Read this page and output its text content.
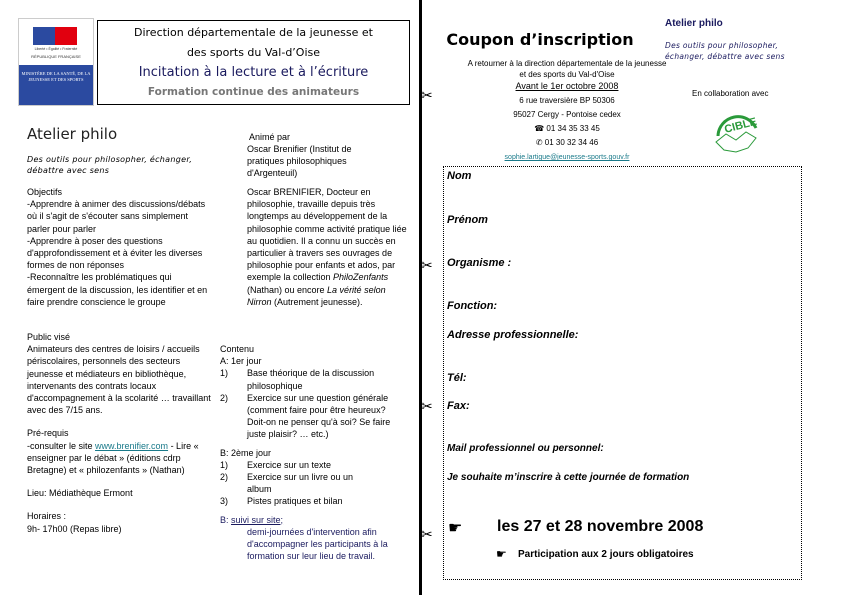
Liberté • Égalité • Fraternité
RÉPUBLIQUE FRANÇAISE
MINISTÈRE DE LA SANTÉ, DE LA JEUNESSE ET DES SPORTS
Direction départementale de la jeunesse et
des sports du Val-d’Oise
Incitation à la lecture et à l’écriture
Formation continue des animateurs
Atelier philo
Des outils pour philosopher, échanger, débattre avec sens
Animé par
Oscar Brenifier (Institut de pratiques philosophiques d'Argenteuil)
Objectifs
-Apprendre à animer des discussions/débats où il s'agit de s'écouter sans simplement parler pour parler
-Apprendre à poser des questions d'approfondissement et à éviter les diverses formes de non réponses
-Reconnaître les problématiques qui émergent de la discussion, les identifier et en faire prendre conscience le groupe
Oscar BRENIFIER, Docteur en philosophie, travaille depuis très longtemps au développement de la philosophie comme activité pratique liée au quotidien. Il a connu un succès en particulier à travers ses ouvrages de philosophie pour enfants et ados, par exemple la collection PhiloZenfants (Nathan) ou encore La vérité selon Nirron (Autrement jeunesse).
Public visé
Animateurs des centres de loisirs / accueils périscolaires, personnels des secteurs jeunesse et médiateurs en bibliothèque, intervenants des contrats locaux d'accompagnement à la scolarité … travaillant avec des 7/15 ans.
Pré-requis
-consulter le site www.brenifier.com - Lire « enseigner par le débat » (éditions cdrp Bretagne) et « philozenfants » (Nathan)
Lieu: Médiathèque Ermont
Horaires :
9h- 17h00 (Repas libre)
Contenu
A: 1er jour
1)	Base théorique de la discussion philosophique
2)	Exercice sur une question générale (comment faire pour être heureux? Doit-on ne penser qu'à soi? Se faire juste plaisir? … etc.)
B: 2ème jour
1)	Exercice sur un texte
2)	Exercice sur un livre ou un album
3)	Pistes pratiques et bilan
B: suivi sur site;
demi-journées d'intervention afin d'accompagner les participants à la formation sur leur lieu de travail.
✂
✂
✂
✂
Coupon d’inscription
A retourner à la direction départementale de la jeunesse et des sports du Val-d'Oise
Avant le 1er octobre 2008
6 rue traversière BP 50306
95027 Cergy - Pontoise cedex
☎ 01 34 35 33 45
✆ 01 30 32 34 46
sophie.lartigue@jeunesse-sports.gouv.fr
Atelier philo
Des outils pour philosopher, échanger, débattre avec sens
En collaboration avec
CIBLE
Nom
Prénom
Organisme :
Fonction:
Adresse professionnelle:
Tél:
Fax:
Mail professionnel ou personnel:
Je souhaite m’inscrire à cette journée de formation
☛ les 27 et 28 novembre 2008
☛ Participation aux 2 jours obligatoires
